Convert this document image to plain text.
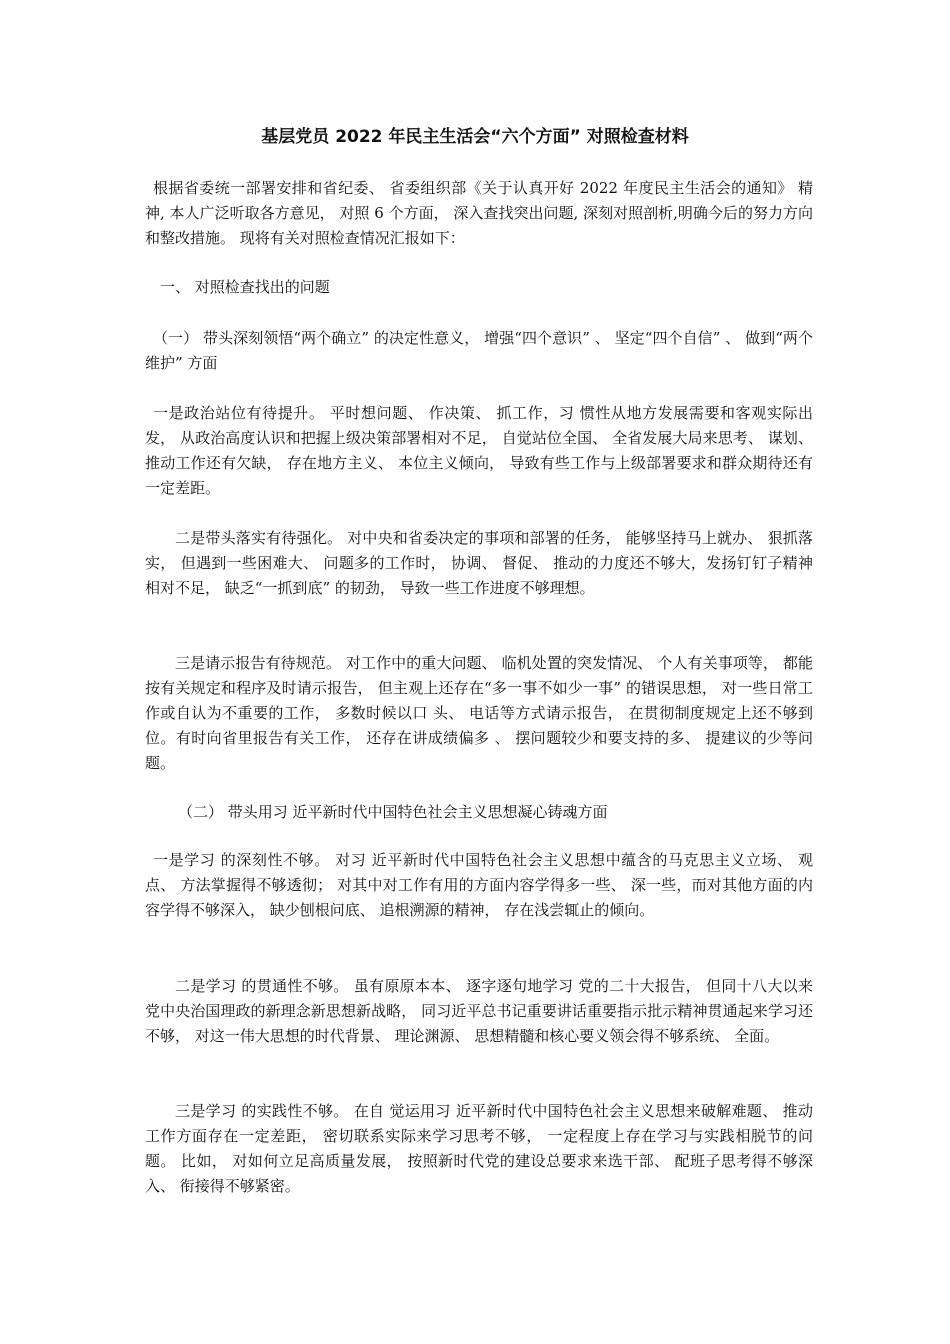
基层党员 2022 年民主生活会“六个方面” 对照检查材料

根据省委统一部署安排和省纪委、 省委组织部《关于认真开好 2022 年度民主生活会的通知》 精神, 本人广泛听取各方意见， 对照 6 个方面， 深入查找突出问题, 深刻对照剖析,明确今后的努力方向和整改措施。 现将有关对照检查情况汇报如下：

一、 对照检查找出的问题

（一） 带头深刻领悟“两个确立” 的决定性意义， 增强“四个意识” 、 坚定“四个自信” 、 做到“两个维护” 方面

一是政治站位有待提升。 平时想问题、 作决策、 抓工作，习 惯性从地方发展需要和客观实际出发， 从政治高度认识和把握上级决策部署相对不足， 自觉站位全国、 全省发展大局来思考、 谋划、 推动工作还有欠缺， 存在地方主义、 本位主义倾向， 导致有些工作与上级部署要求和群众期待还有一定差距。

二是带头落实有待强化。 对中央和省委决定的事项和部署的任务， 能够坚持马上就办、 狠抓落实， 但遇到一些困难大、 问题多的工作时， 协调、 督促、 推动的力度还不够大，发扬钉钉子精神相对不足， 缺乏“一抓到底” 的韧劲， 导致一些工作进度不够理想。

三是请示报告有待规范。 对工作中的重大问题、 临机处置的突发情况、 个人有关事项等， 都能按有关规定和程序及时请示报告， 但主观上还存在“多一事不如少一事” 的错误思想， 对一些日常工作或自认为不重要的工作， 多数时候以口 头、 电话等方式请示报告， 在贯彻制度规定上还不够到位。有时向省里报告有关工作， 还存在讲成绩偏多 、 摆问题较少和要支持的多、 提建议的少等问题。

（二） 带头用习 近平新时代中国特色社会主义思想凝心铸魂方面

一是学习 的深刻性不够。 对习 近平新时代中国特色社会主义思想中蕴含的马克思主义立场、 观点、 方法掌握得不够透彻； 对其中对工作有用的方面内容学得多一些、 深一些，而对其他方面的内容学得不够深入， 缺少刨根问底、 追根溯源的精神， 存在浅尝辄止的倾向。

二是学习 的贯通性不够。 虽有原原本本、 逐字逐句地学习 党的二十大报告， 但同十八大以来党中央治国理政的新理念新思想新战略， 同习近平总书记重要讲话重要指示批示精神贯通起来学习还不够， 对这一伟大思想的时代背景、 理论渊源、 思想精髓和核心要义领会得不够系统、 全面。

三是学习 的实践性不够。 在自 觉运用习 近平新时代中国特色社会主义思想来破解难题、 推动工作方面存在一定差距， 密切联系实际来学习思考不够， 一定程度上存在学习与实践相脱节的问题。 比如， 对如何立足高质量发展， 按照新时代党的建设总要求来选干部、 配班子思考得不够深入、 衔接得不够紧密。
